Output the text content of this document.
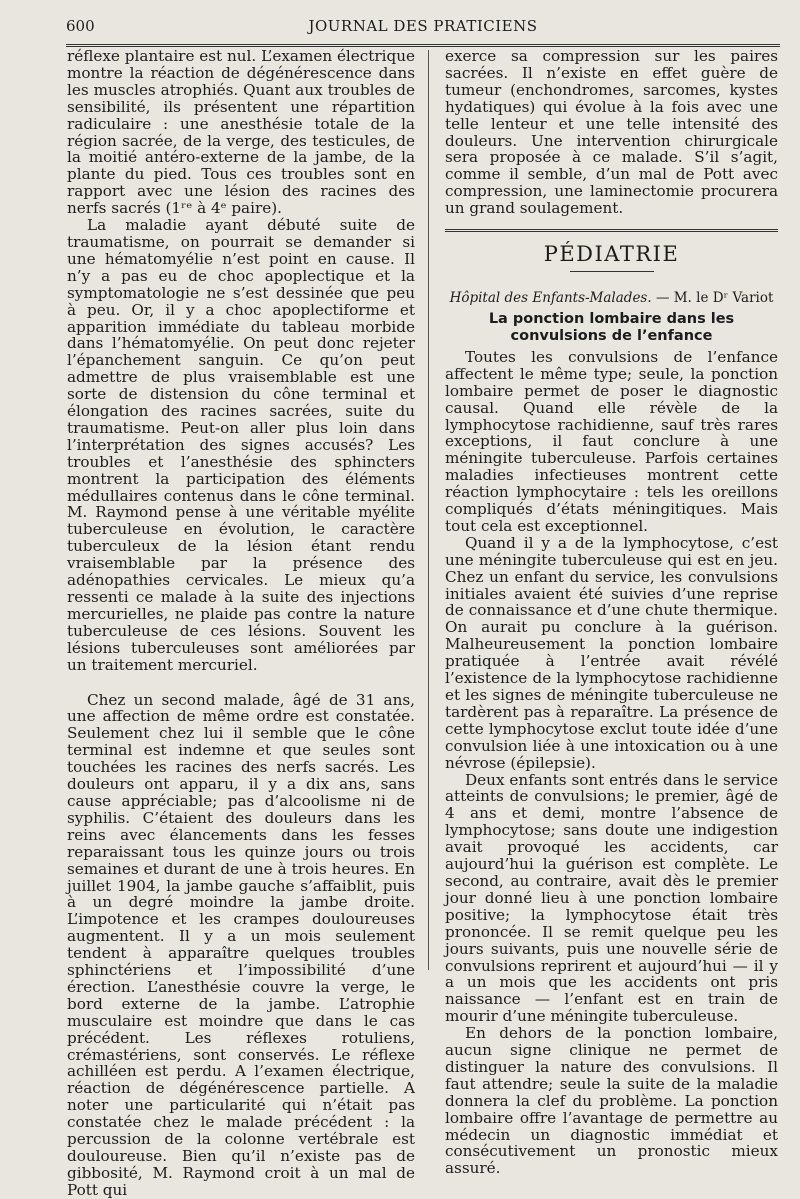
600	JOURNAL DES PRATICIENS

réflexe plantaire est nul. L’examen électrique montre la réaction de dégénérescence dans les muscles atrophiés. Quant aux troubles de sensibilité, ils présentent une répartition radiculaire : une anesthésie totale de la région sacrée, de la verge, des testicules, de la moitié antéro-externe de la jambe, de la plante du pied. Tous ces troubles sont en rapport avec une lésion des racines des nerfs sacrés (1ʳᵉ à 4ᵉ paire).

La maladie ayant débuté suite de traumatisme, on pourrait se demander si une hématomyélie n’est point en cause. Il n’y a pas eu de choc apoplectique et la symptomatologie ne s’est dessinée que peu à peu. Or, il y a choc apoplectiforme et apparition immédiate du tableau morbide dans l’hématomyélie. On peut donc rejeter l’épanchement sanguin. Ce qu’on peut admettre de plus vraisemblable est une sorte de distension du cône terminal et élongation des racines sacrées, suite du traumatisme. Peut-on aller plus loin dans l’interprétation des signes accusés? Les troubles et l’anesthésie des sphincters montrent la participation des éléments médullaires contenus dans le cône terminal. M. Raymond pense à une véritable myélite tuberculeuse en évolution, le caractère tuberculeux de la lésion étant rendu vraisemblable par la présence des adénopathies cervicales. Le mieux qu’a ressenti ce malade à la suite des injections mercurielles, ne plaide pas contre la nature tuberculeuse de ces lésions. Souvent les lésions tuberculeuses sont améliorées par un traitement mercuriel.

Chez un second malade, âgé de 31 ans, une affection de même ordre est constatée. Seulement chez lui il semble que le cône terminal est indemne et que seules sont touchées les racines des nerfs sacrés. Les douleurs ont apparu, il y a dix ans, sans cause appréciable; pas d’alcoolisme ni de syphilis. C’étaient des douleurs dans les reins avec élancements dans les fesses reparaissant tous les quinze jours ou trois semaines et durant de une à trois heures. En juillet 1904, la jambe gauche s’affaiblit, puis à un degré moindre la jambe droite. L’impotence et les crampes douloureuses augmentent. Il y a un mois seulement tendent à apparaître quelques troubles sphinctériens et l’impossibilité d’une érection. L’anesthésie couvre la verge, le bord externe de la jambe. L’atrophie musculaire est moindre que dans le cas précédent. Les réflexes rotuliens, crémastériens, sont conservés. Le réflexe achilléen est perdu. A l’examen électrique, réaction de dégénérescence partielle. A noter une particularité qui n’était pas constatée chez le malade précédent : la percussion de la colonne vertébrale est douloureuse. Bien qu’il n’existe pas de gibbosité, M. Raymond croit à un mal de Pott qui

exerce sa compression sur les paires sacrées. Il n’existe en effet guère de tumeur (enchondromes, sarcomes, kystes hydatiques) qui évolue à la fois avec une telle lenteur et une telle intensité des douleurs. Une intervention chirurgicale sera proposée à ce malade. S’il s’agit, comme il semble, d’un mal de Pott avec compression, une laminectomie procurera un grand soulagement.

PÉDIATRIE
Hôpital des Enfants-Malades. — M. le Dʳ Variot
La ponction lombaire dans les convulsions de l’enfance

Toutes les convulsions de l’enfance affectent le même type; seule, la ponction lombaire permet de poser le diagnostic causal. Quand elle révèle de la lymphocytose rachidienne, sauf très rares exceptions, il faut conclure à une méningite tuberculeuse. Parfois certaines maladies infectieuses montrent cette réaction lymphocytaire : tels les oreillons compliqués d’états méningitiques. Mais tout cela est exceptionnel.

Quand il y a de la lymphocytose, c’est une méningite tuberculeuse qui est en jeu. Chez un enfant du service, les convulsions initiales avaient été suivies d’une reprise de connaissance et d’une chute thermique. On aurait pu conclure à la guérison. Malheureusement la ponction lombaire pratiquée à l’entrée avait révélé l’existence de la lymphocytose rachidienne et les signes de méningite tuberculeuse ne tardèrent pas à reparaître. La présence de cette lymphocytose exclut toute idée d’une convulsion liée à une intoxication ou à une névrose (épilepsie).

Deux enfants sont entrés dans le service atteints de convulsions; le premier, âgé de 4 ans et demi, montre l’absence de lymphocytose; sans doute une indigestion avait provoqué les accidents, car aujourd’hui la guérison est complète. Le second, au contraire, avait dès le premier jour donné lieu à une ponction lombaire positive; la lymphocytose était très prononcée. Il se remit quelque peu les jours suivants, puis une nouvelle série de convulsions reprirent et aujourd’hui — il y a un mois que les accidents ont pris naissance — l’enfant est en train de mourir d’une méningite tuberculeuse.

En dehors de la ponction lombaire, aucun signe clinique ne permet de distinguer la nature des convulsions. Il faut attendre; seule la suite de la maladie donnera la clef du problème. La ponction lombaire offre l’avantage de permettre au médecin un diagnostic immédiat et consécutivement un pronostic mieux assuré.
